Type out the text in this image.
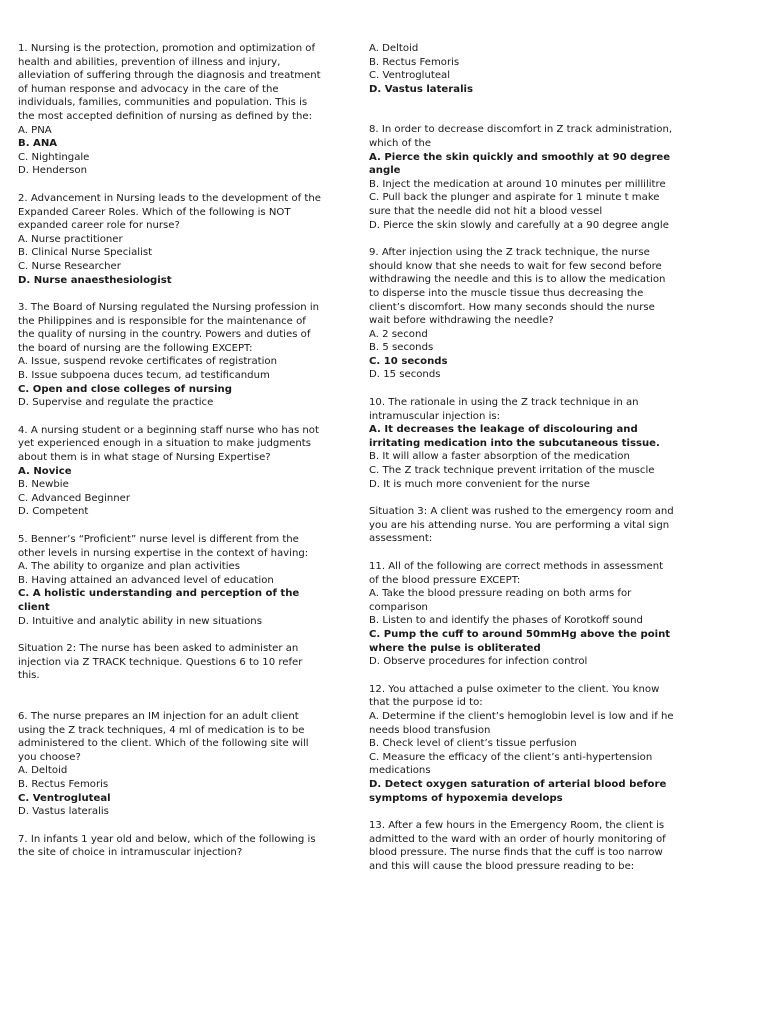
1. Nursing is the protection, promotion and optimization of health and abilities, prevention of illness and injury, alleviation of suffering through the diagnosis and treatment of human response and advocacy in the care of the individuals, families, communities and population. This is the most accepted definition of nursing as defined by the:

A. PNA

B. ANA

C. Nightingale

D. Henderson

2. Advancement in Nursing leads to the development of the Expanded Career Roles. Which of the following is NOT expanded career role for nurse?

A. Nurse practitioner

B. Clinical Nurse Specialist

C. Nurse Researcher

D. Nurse anaesthesiologist

3. The Board of Nursing regulated the Nursing profession in the Philippines and is responsible for the maintenance of the quality of nursing in the country. Powers and duties of the board of nursing are the following EXCEPT:

A. Issue, suspend revoke certificates of registration

B. Issue subpoena duces tecum, ad testificandum

C. Open and close colleges of nursing

D. Supervise and regulate the practice

4. A nursing student or a beginning staff nurse who has not yet experienced enough in a situation to make judgments about them is in what stage of Nursing Expertise?

A. Novice

B. Newbie

C. Advanced Beginner

D. Competent

5. Benner’s “Proficient” nurse level is different from the other levels in nursing expertise in the context of having:

A. The ability to organize and plan activities

B. Having attained an advanced level of education

C. A holistic understanding and perception of the client

D. Intuitive and analytic ability in new situations

Situation 2: The nurse has been asked to administer an injection via Z TRACK technique. Questions 6 to 10 refer this.

6. The nurse prepares an IM injection for an adult client using the Z track techniques, 4 ml of medication is to be administered to the client. Which of the following site will you choose?

A. Deltoid

B. Rectus Femoris

C. Ventrogluteal

D. Vastus lateralis

7. In infants 1 year old and below, which of the following is the site of choice in intramuscular injection?

A. Deltoid

B. Rectus Femoris

C. Ventrogluteal

D. Vastus lateralis

8. In order to decrease discomfort in Z track administration, which of the

A. Pierce the skin quickly and smoothly at 90 degree angle

B. Inject the medication at around 10 minutes per millilitre

C. Pull back the plunger and aspirate for 1 minute t make sure that the needle did not hit a blood vessel

D. Pierce the skin slowly and carefully at a 90 degree angle

9. After injection using the Z track technique, the nurse should know that she needs to wait for few second before withdrawing the needle and this is to allow the medication to disperse into the muscle tissue thus decreasing the client’s discomfort. How many seconds should the nurse wait before withdrawing the needle?

A. 2 second

B. 5 seconds

C. 10 seconds

D. 15 seconds

10. The rationale in using the Z track technique in an intramuscular injection is:

A. It decreases the leakage of discolouring and irritating medication into the subcutaneous tissue.

B. It will allow a faster absorption of the medication

C. The Z track technique prevent irritation of the muscle

D. It is much more convenient for the nurse

Situation 3: A client was rushed to the emergency room and you are his attending nurse. You are performing a vital sign assessment:

11. All of the following are correct methods in assessment of the blood pressure EXCEPT:

A. Take the blood pressure reading on both arms for comparison

B. Listen to and identify the phases of Korotkoff sound

C. Pump the cuff to around 50mmHg above the point where the pulse is obliterated

D. Observe procedures for infection control

12. You attached a pulse oximeter to the client. You know that the purpose id to:

A. Determine if the client’s hemoglobin level is low and if he needs blood transfusion

B. Check level of client’s tissue perfusion

C. Measure the efficacy of the client’s anti-hypertension medications

D. Detect oxygen saturation of arterial blood before symptoms of hypoxemia develops

13. After a few hours in the Emergency Room, the client is admitted to the ward with an order of hourly monitoring of blood pressure. The nurse finds that the cuff is too narrow and this will cause the blood pressure reading to be:
